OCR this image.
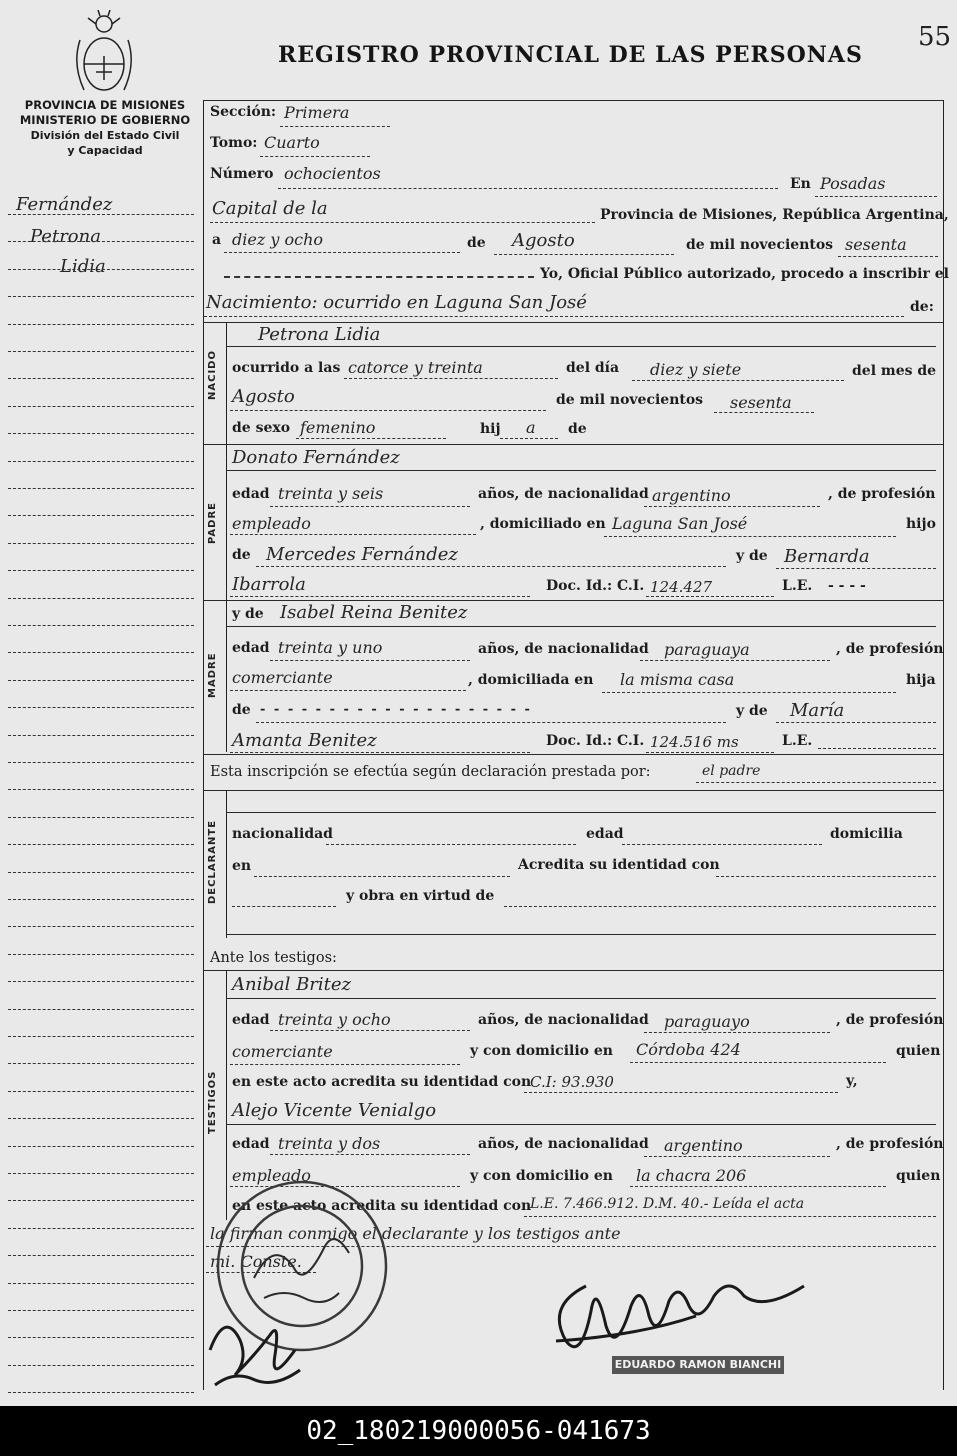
REGISTRO PROVINCIAL DE LAS PERSONAS
55
PROVINCIA DE MISIONES
MINISTERIO DE GOBIERNO
División del Estado Civil
y Capacidad
Fernández
Petrona
Lidia
Sección: Primera
Tomo: Cuarto
Número ochocientos
En Posadas
Capital de la	Provincia de Misiones, República Argentina,
a diez y ocho	de Agosto	de mil novecientos sesenta
Yo, Oficial Público autorizado, procedo a inscribir el
Nacimiento: ocurrido en Laguna San José	de:
NACIDO
Petrona Lidia
ocurrido a las catorce y treinta	del día diez y siete	del mes de
Agosto	de mil novecientos sesenta
de sexo femenino	hij a de
PADRE
Donato Fernández
edad treinta y seis	años, de nacionalidad argentino	, de profesión
empleado	, domiciliado en Laguna San José	hijo
de Mercedes Fernández	y de Bernarda
Ibarrola	Doc. Id.: C.I. 124.427	L.E. - - - -
MADRE
y de Isabel Reina Benitez
edad treinta y uno	años, de nacionalidad paraguaya	, de profesión
comerciante	, domiciliada en la misma casa	hija
de - - - - - - - - - - - - - - - - - - - -	y de María
Amanta Benitez	Doc. Id.: C.I. 124.516 ms	L.E.
Esta inscripción se efectúa según declaración prestada por:	el padre
DECLARANTE nacionalidad	edad	domicilia
en	Acredita su identidad con
y obra en virtud de
Ante los testigos:
TESTIGOS
Anibal Britez
edad treinta y ocho	años, de nacionalidad paraguayo	, de profesión
comerciante	y con domicilio en Córdoba 424	quien
en este acto acredita su identidad con
C.I: 93.930	y,
Alejo Vicente Venialgo
edad treinta y dos	años, de nacionalidad argentino	, de profesión
empleado	y con domicilio en la chacra 206	quien
en este acto acredita su identidad con
L.E. 7.466.912. D.M. 40.- Leída el acta
la firman conmigo el declarante y los testigos ante
mi. Conste.
EDUARDO RAMON BIANCHI
02_180219000056-041673
